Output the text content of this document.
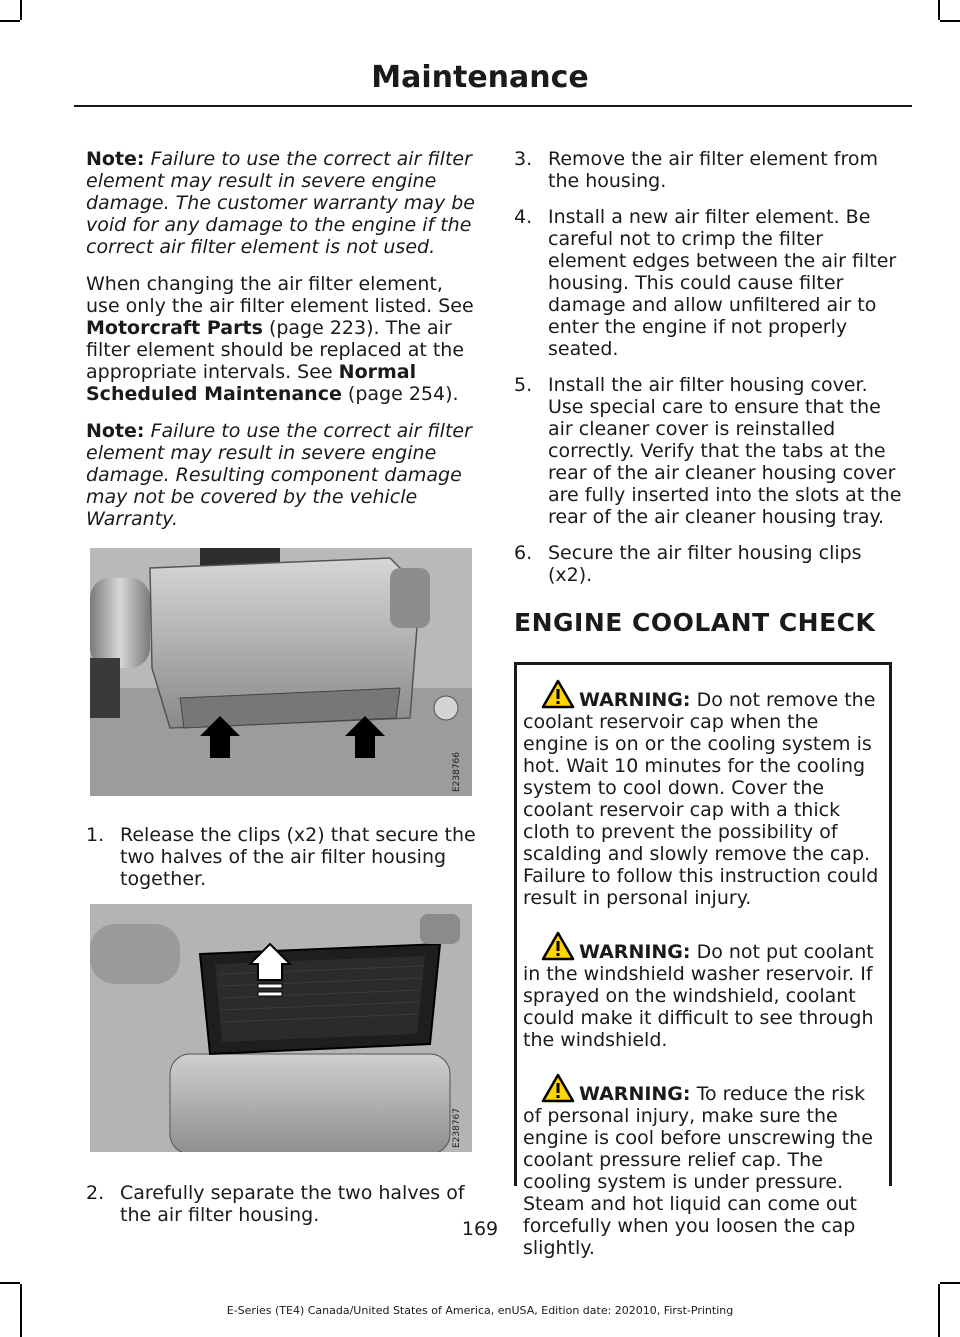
Maintenance

Note: Failure to use the correct air filter element may result in severe engine damage. The customer warranty may be void for any damage to the engine if the correct air filter element is not used.

When changing the air filter element, use only the air filter element listed. See Motorcraft Parts (page 223). The air filter element should be replaced at the appropriate intervals. See Normal Scheduled Maintenance (page 254).

Note: Failure to use the correct air filter element may result in severe engine damage. Resulting component damage may not be covered by the vehicle Warranty.

E238766
1. Release the clips (x2) that secure the two halves of the air filter housing together.
E238767
2. Carefully separate the two halves of the air filter housing.
3. Remove the air filter element from the housing.
4. Install a new air filter element. Be careful not to crimp the filter element edges between the air filter housing. This could cause filter damage and allow unfiltered air to enter the engine if not properly seated.
5. Install the air filter housing cover. Use special care to ensure that the air cleaner cover is reinstalled correctly. Verify that the tabs at the rear of the air cleaner housing cover are fully inserted into the slots at the rear of the air cleaner housing tray.
6. Secure the air filter housing clips (x2).
ENGINE COOLANT CHECK
WARNING: Do not remove the coolant reservoir cap when the engine is on or the cooling system is hot. Wait 10 minutes for the cooling system to cool down. Cover the coolant reservoir cap with a thick cloth to prevent the possibility of scalding and slowly remove the cap. Failure to follow this instruction could result in personal injury.
WARNING: Do not put coolant in the windshield washer reservoir. If sprayed on the windshield, coolant could make it difficult to see through the windshield.
WARNING: To reduce the risk of personal injury, make sure the engine is cool before unscrewing the coolant pressure relief cap. The cooling system is under pressure. Steam and hot liquid can come out forcefully when you loosen the cap slightly.
169
E-Series (TE4) Canada/United States of America, enUSA, Edition date: 202010, First-Printing
